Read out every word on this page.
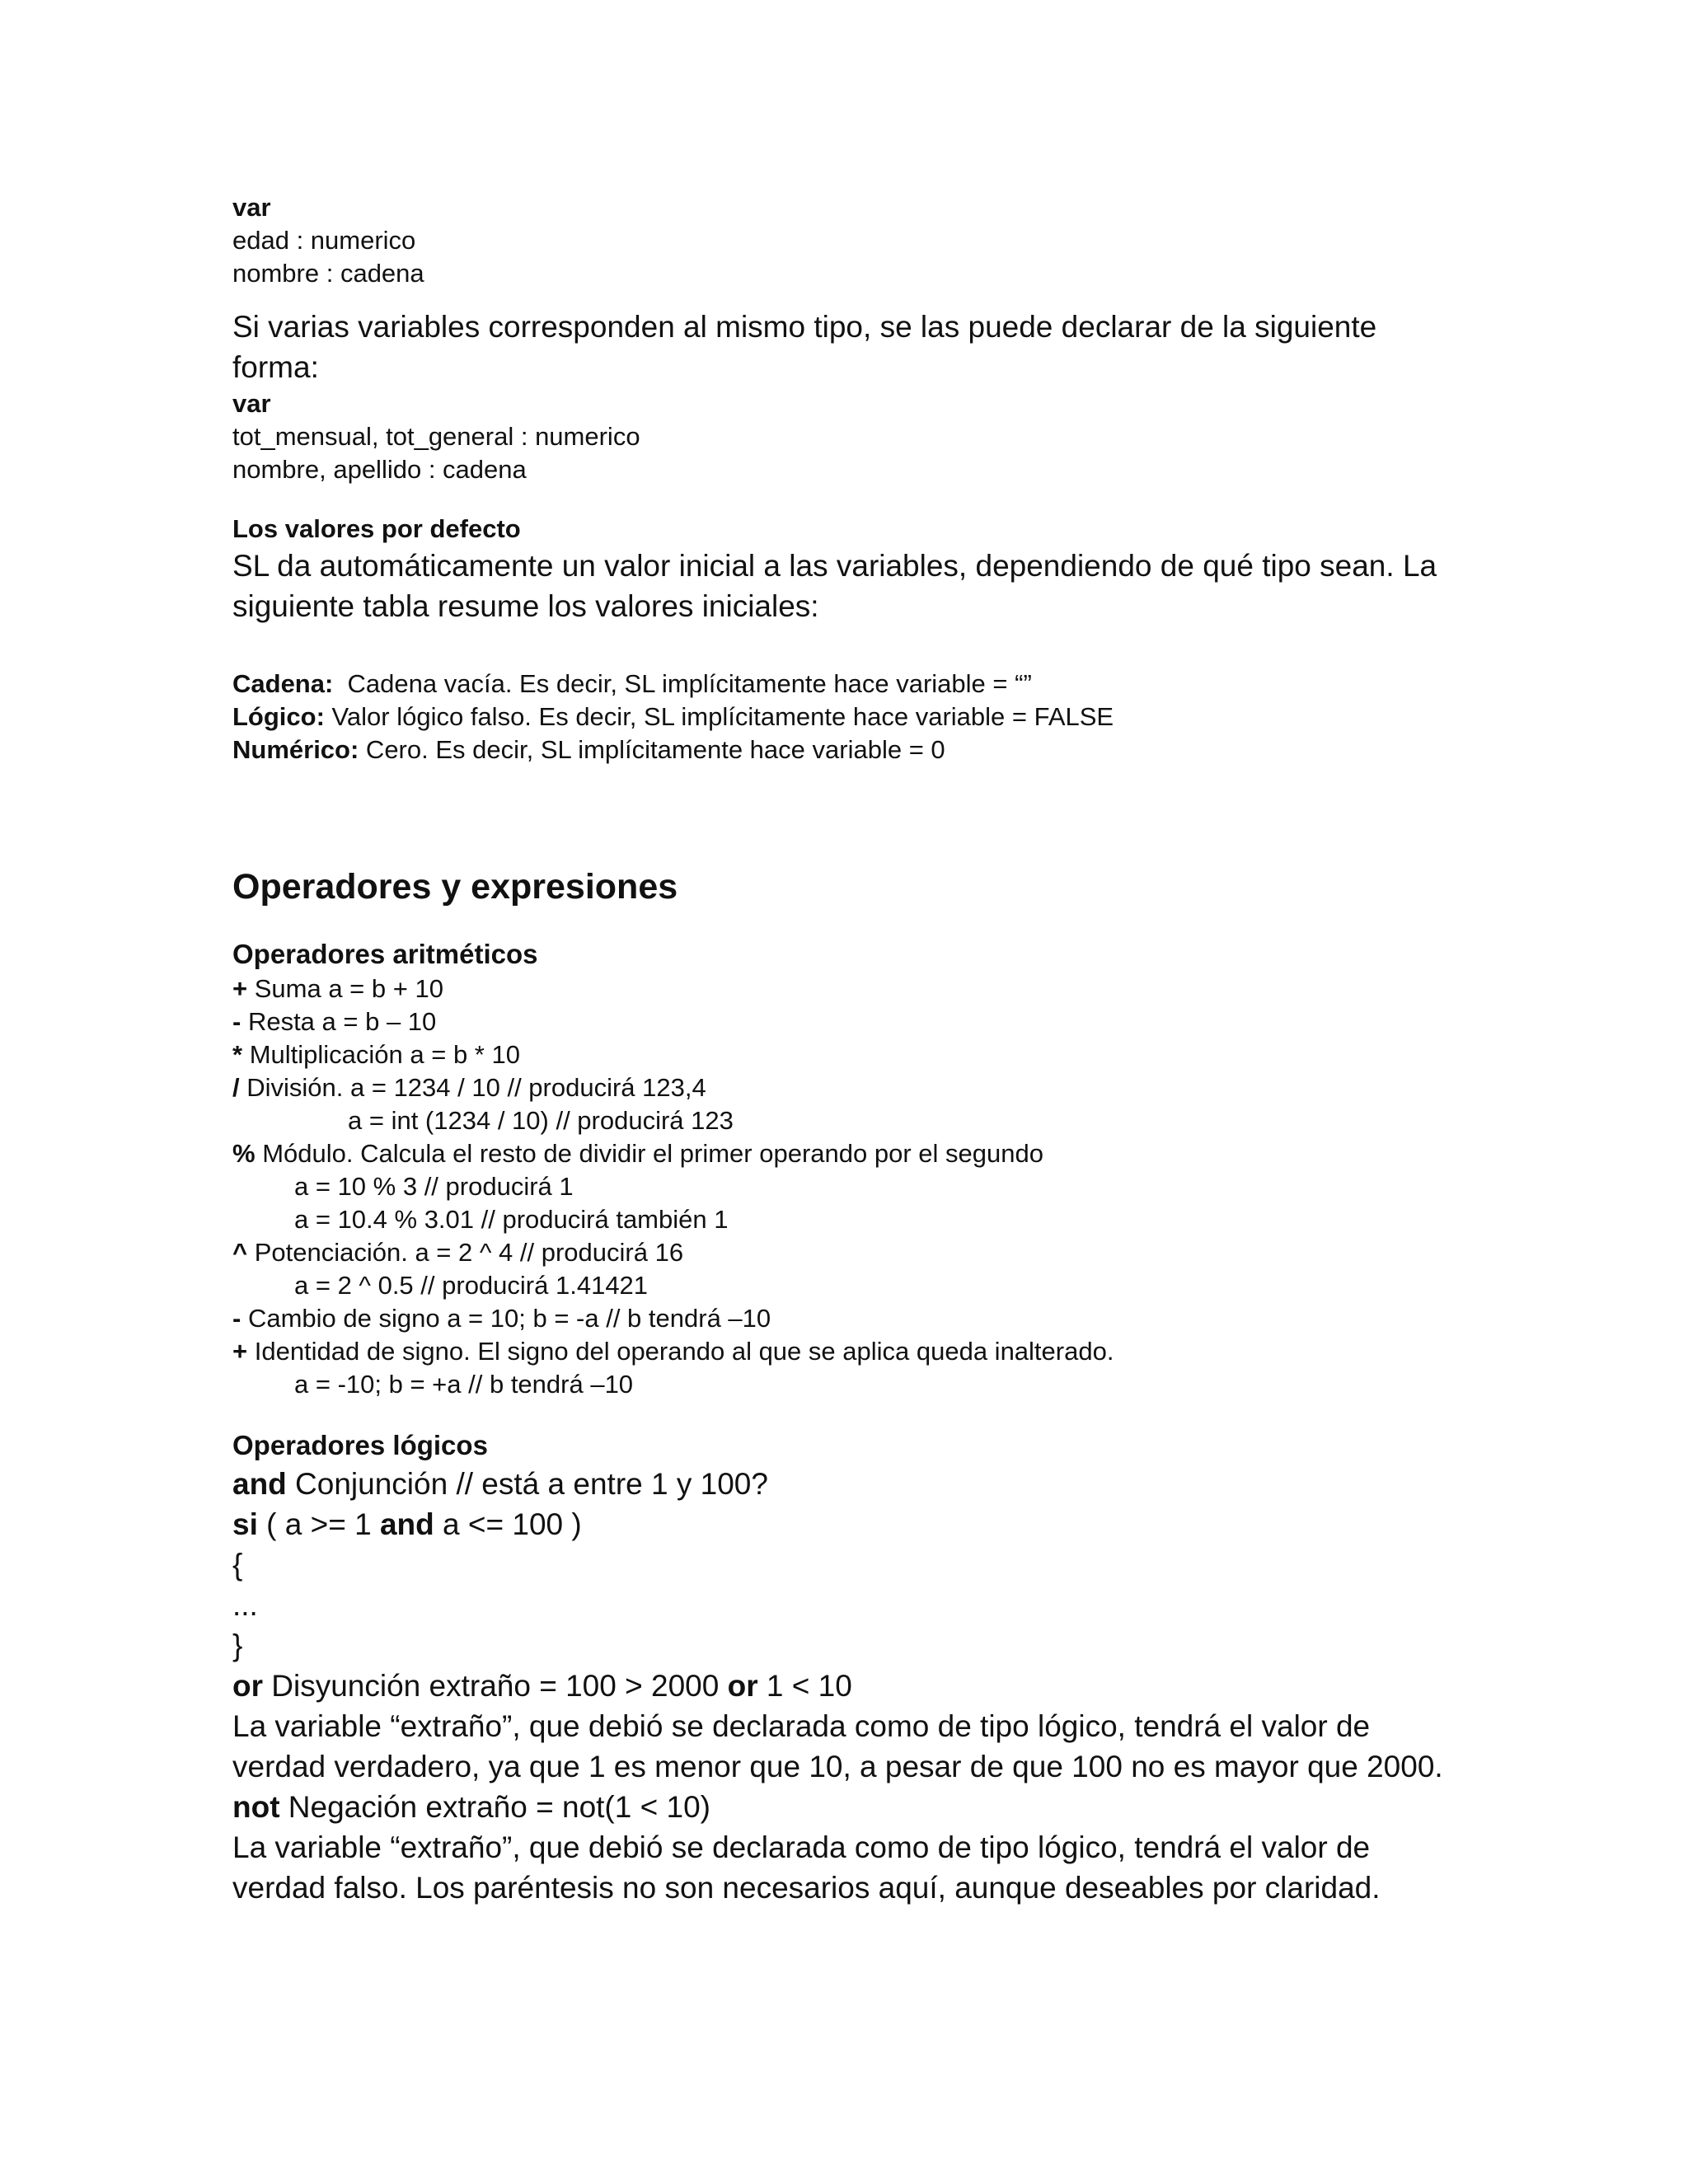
var

edad : numerico

nombre : cadena

Si varias variables corresponden al mismo tipo, se las puede declarar de la siguiente forma:

var

tot_mensual, tot_general : numerico

nombre, apellido : cadena

Los valores por defecto

SL da automáticamente un valor inicial a las variables, dependiendo de qué tipo sean. La siguiente tabla resume los valores iniciales:

Cadena:  Cadena vacía. Es decir, SL implícitamente hace variable = “”

Lógico: Valor lógico falso. Es decir, SL implícitamente hace variable = FALSE

Numérico: Cero. Es decir, SL implícitamente hace variable = 0

Operadores y expresiones

Operadores aritméticos

+ Suma a = b + 10

- Resta a = b – 10

* Multiplicación a = b * 10

/ División. a = 1234 / 10 // producirá 123,4

a = int (1234 / 10) // producirá 123

% Módulo. Calcula el resto de dividir el primer operando por el segundo

a = 10 % 3 // producirá 1

a = 10.4 % 3.01 // producirá también 1

^ Potenciación. a = 2 ^ 4 // producirá 16

a = 2 ^ 0.5 // producirá 1.41421

- Cambio de signo a = 10; b = -a // b tendrá –10

+ Identidad de signo. El signo del operando al que se aplica queda inalterado.

a = -10; b = +a // b tendrá –10

Operadores lógicos

and Conjunción // está a entre 1 y 100?

si ( a >= 1 and a <= 100 )

{

...

}

or Disyunción extraño = 100 > 2000 or 1 < 10

La variable “extraño”, que debió se declarada como de tipo lógico, tendrá el valor de verdad verdadero, ya que 1 es menor que 10, a pesar de que 100 no es mayor que 2000.

not Negación extraño = not(1 < 10)

La variable “extraño”, que debió se declarada como de tipo lógico, tendrá el valor de verdad falso. Los paréntesis no son necesarios aquí, aunque deseables por claridad.
